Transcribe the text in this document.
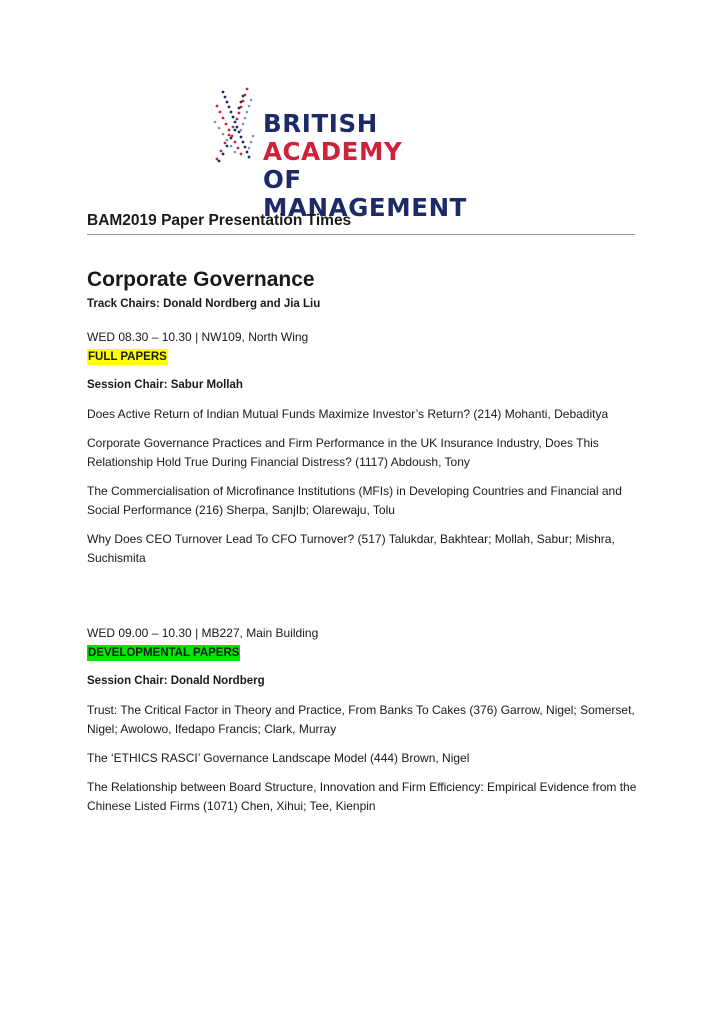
BRITISH ACADEMY
OF MANAGEMENT
BAM2019 Paper Presentation Times
Corporate Governance
Track Chairs: Donald Nordberg and Jia Liu
WED 08.30 – 10.30 | NW109, North Wing
FULL PAPERS
Session Chair: Sabur Mollah
Does Active Return of Indian Mutual Funds Maximize Investor’s Return? (214) Mohanti, Debaditya
Corporate Governance Practices and Firm Performance in the UK Insurance Industry, Does This Relationship Hold True During Financial Distress? (1117) Abdoush, Tony
The Commercialisation of Microfinance Institutions (MFIs) in Developing Countries and Financial and Social Performance (216) Sherpa, SanjIb; Olarewaju, Tolu
Why Does CEO Turnover Lead To CFO Turnover? (517) Talukdar, Bakhtear; Mollah, Sabur; Mishra, Suchismita
WED 09.00 – 10.30 | MB227, Main Building
DEVELOPMENTAL PAPERS
Session Chair: Donald Nordberg
Trust: The Critical Factor in Theory and Practice, From Banks To Cakes (376) Garrow, Nigel; Somerset, Nigel; Awolowo, Ifedapo Francis; Clark, Murray
The ‘ETHICS RASCI’ Governance Landscape Model (444) Brown, Nigel
The Relationship between Board Structure, Innovation and Firm Efficiency: Empirical Evidence from the Chinese Listed Firms (1071) Chen, Xihui; Tee, Kienpin
